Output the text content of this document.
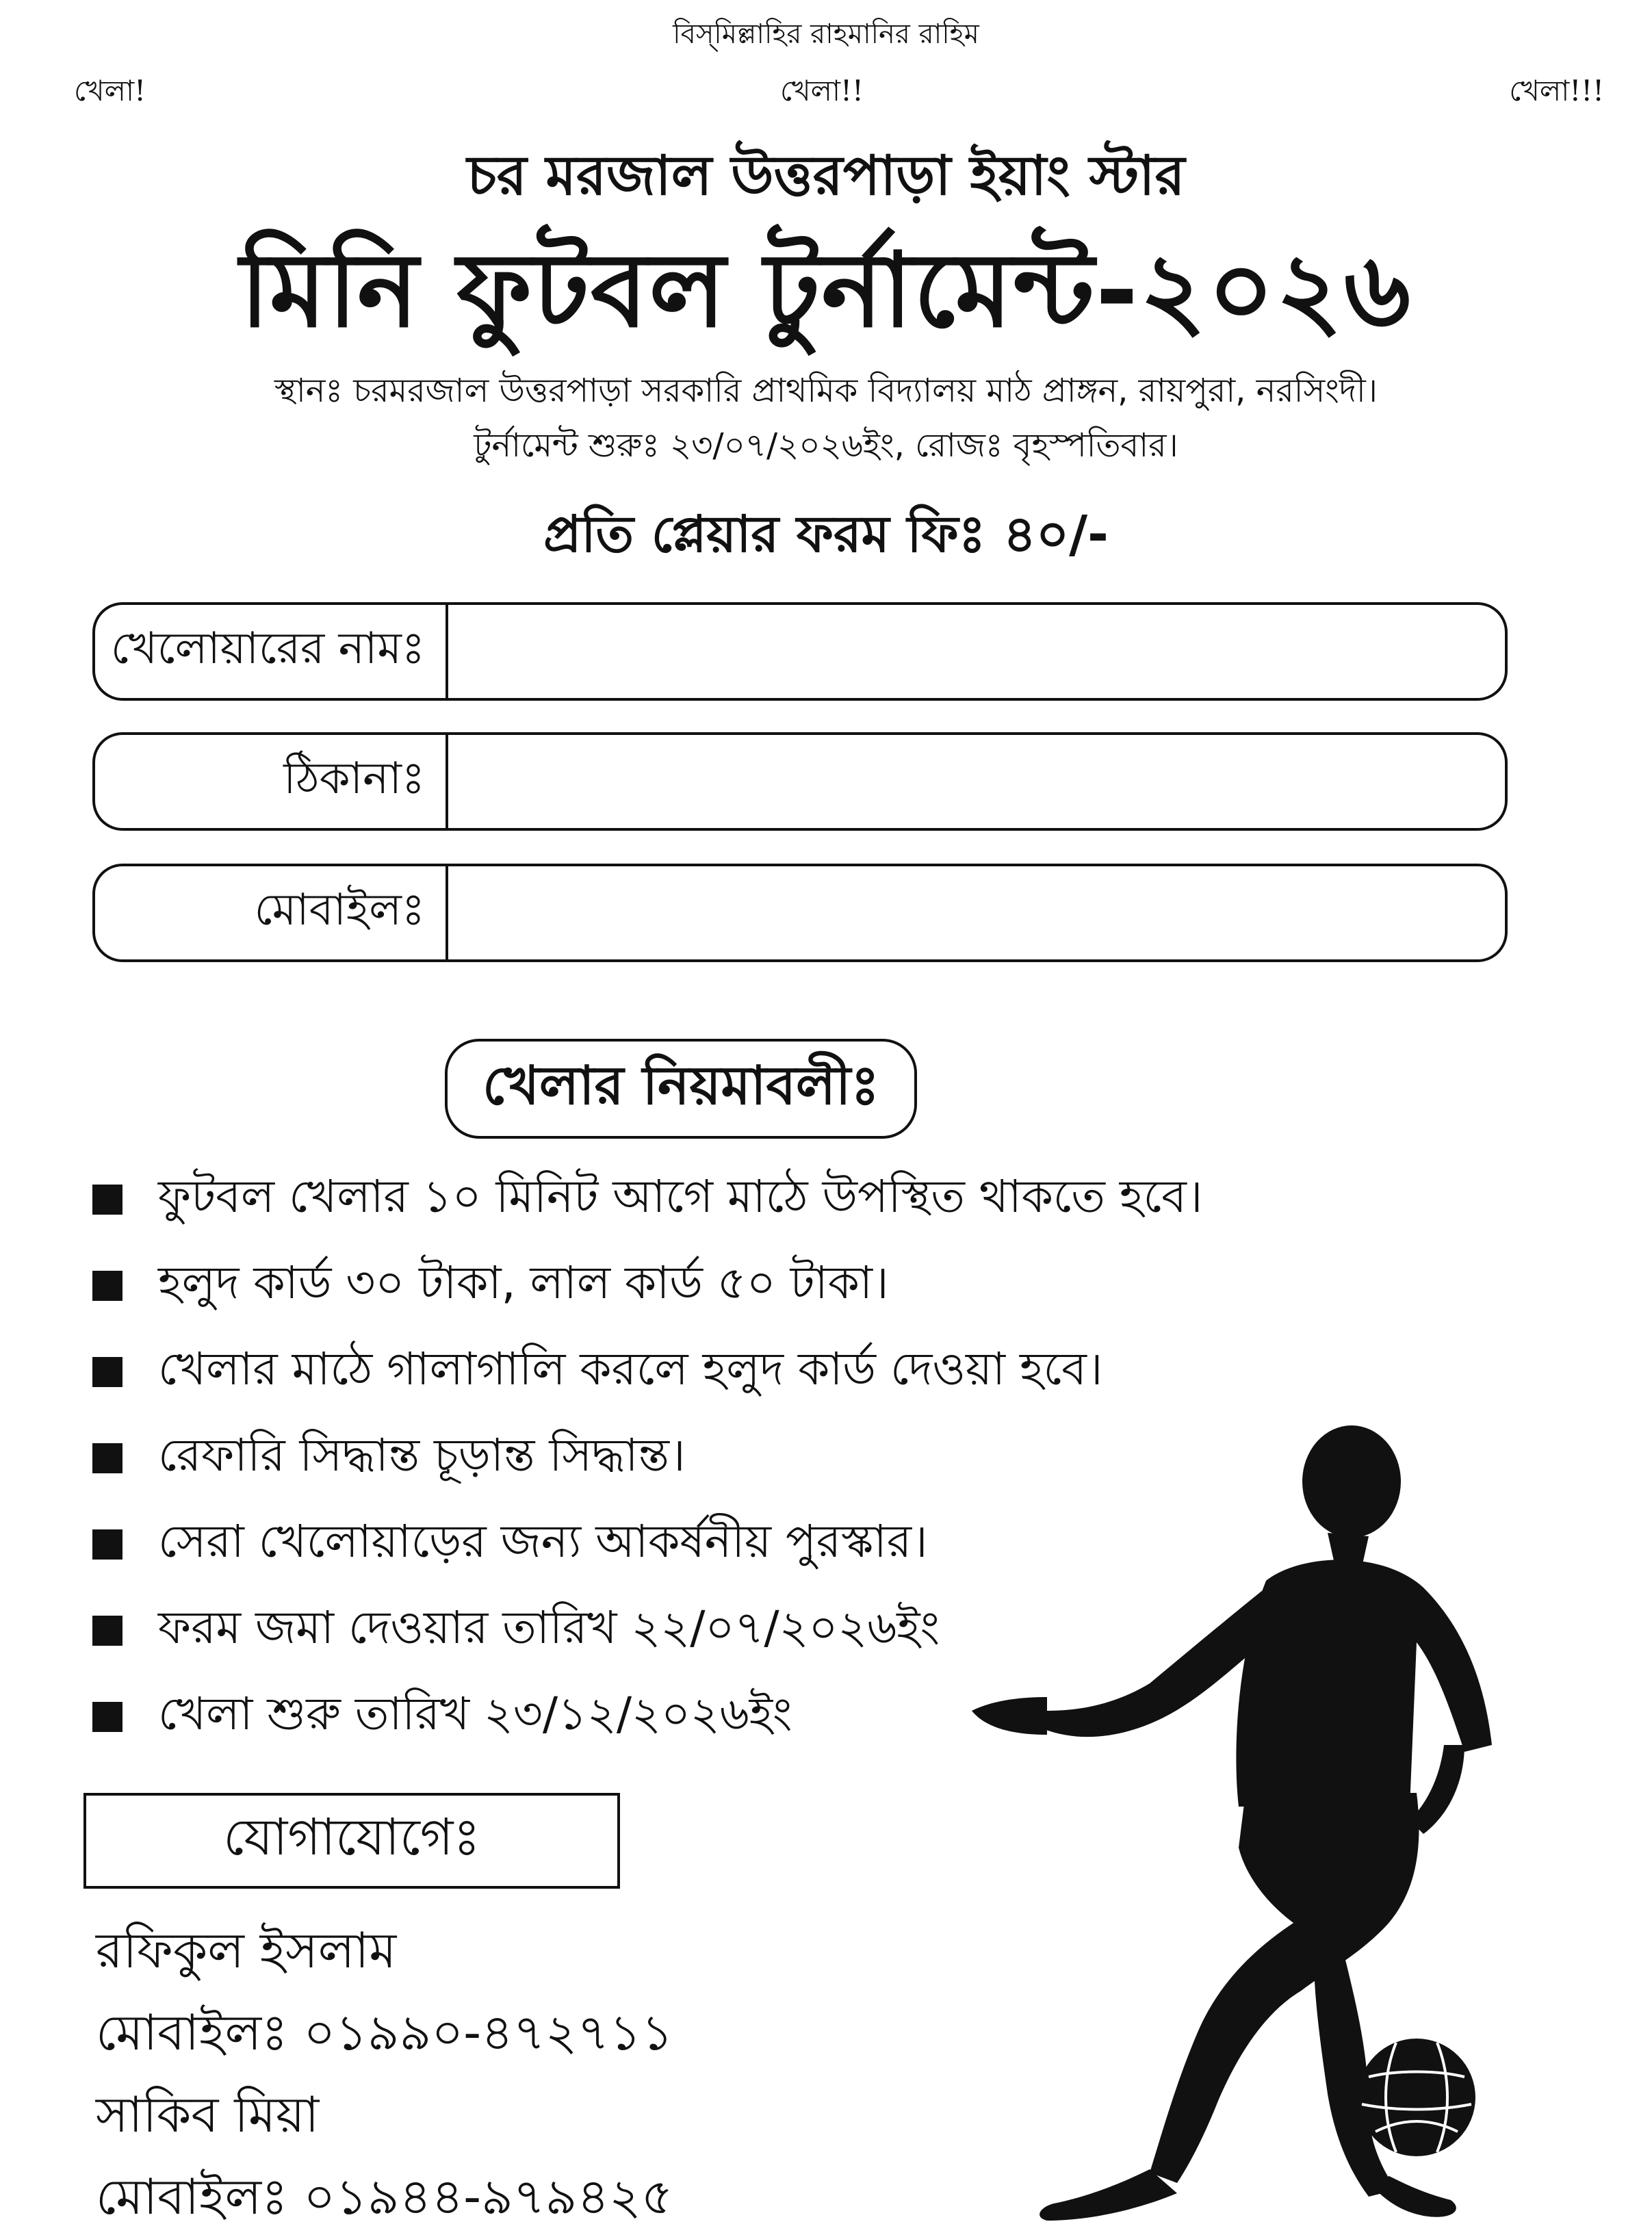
বিস্‌মিল্লাহির রাহমানির রাহিম
খেলা!	খেলা!!	খেলা!!!
চর মরজাল উত্তরপাড়া ইয়াং স্টার
মিনি ফুটবল টুর্নামেন্ট-২০২৬
স্থানঃ চরমরজাল উত্তরপাড়া সরকারি প্রাথমিক বিদ্যালয় মাঠ প্রাঙ্গন, রায়পুরা, নরসিংদী।
টুর্নামেন্ট শুরুঃ ২৩/০৭/২০২৬ইং, রোজঃ বৃহস্পতিবার।
প্রতি প্লেয়ার ফরম ফিঃ ৪০/-
খেলোয়ারের নামঃ
ঠিকানাঃ
মোবাইলঃ
খেলার নিয়মাবলীঃ
ফুটবল খেলার ১০ মিনিট আগে মাঠে উপস্থিত থাকতে হবে।
হলুদ কার্ড ৩০ টাকা, লাল কার্ড ৫০ টাকা।
খেলার মাঠে গালাগালি করলে হলুদ কার্ড দেওয়া হবে।
রেফারি সিদ্ধান্ত চূড়ান্ত সিদ্ধান্ত।
সেরা খেলোয়াড়ের জন্য আকর্ষনীয় পুরস্কার।
ফরম জমা দেওয়ার তারিখ ২২/০৭/২০২৬ইং
খেলা শুরু তারিখ ২৩/১২/২০২৬ইং
যোগাযোগেঃ
রফিকুল ইসলাম
মোবাইলঃ ০১৯৯০-৪৭২৭১১
সাকিব মিয়া
মোবাইলঃ ০১৯৪৪-৯৭৯৪২৫
